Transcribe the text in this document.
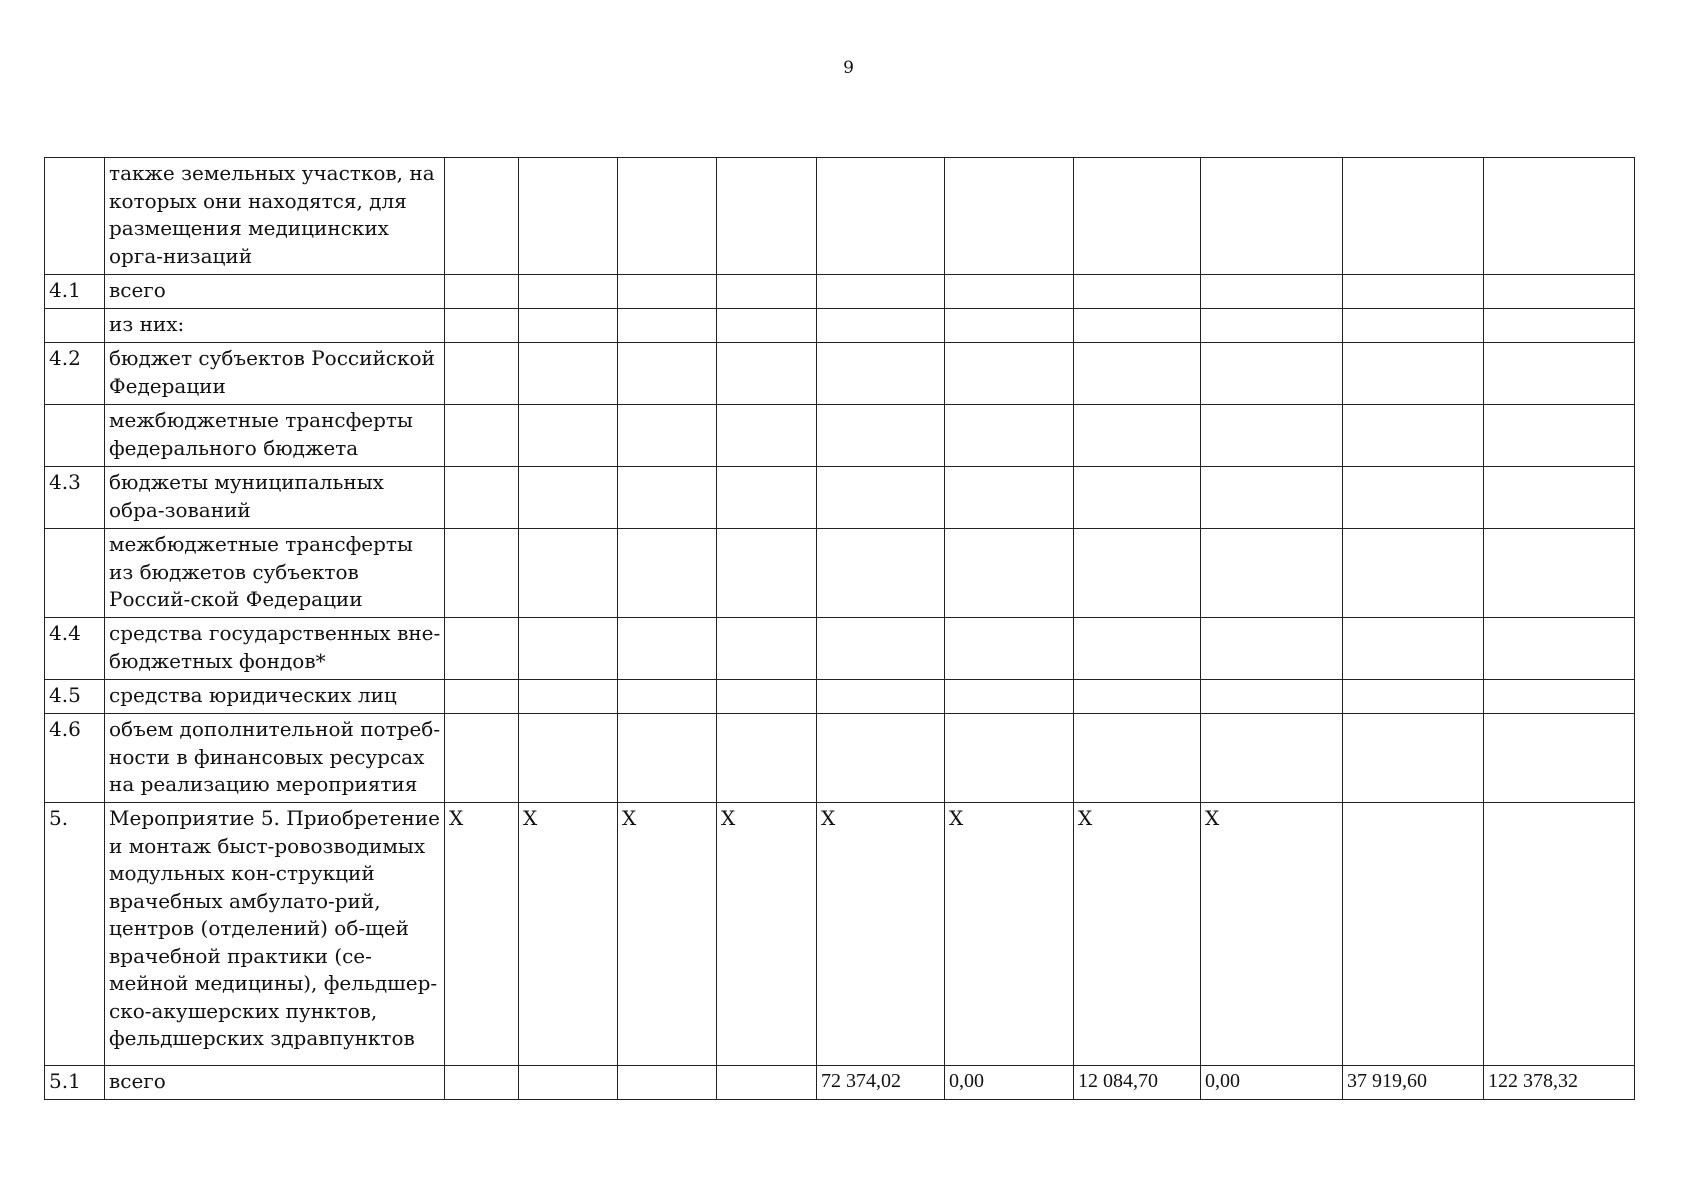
9
	также земельных участков, на которых они находятся, для размещения медицинских орга-низаций										
4.1	всего										
	из них:										
4.2	бюджет субъектов Российской Федерации										
	межбюджетные трансферты федерального бюджета										
4.3	бюджеты муниципальных обра-зований										
	межбюджетные трансферты из бюджетов субъектов Россий-ской Федерации										
4.4	средства государственных вне-бюджетных фондов*										
4.5	средства юридических лиц										
4.6	объем дополнительной потреб-ности в финансовых ресурсах на реализацию мероприятия										
5.	Мероприятие 5. Приобретение и монтаж быст-ровозводимых модульных кон-струкций врачебных амбулато-рий, центров (отделений) об-щей врачебной практики (се-мейной медицины), фельдшер-ско-акушерских пунктов, фельдшерских здравпунктов	X	X	X	X	X	X	X	X		
5.1	всего					72 374,02	0,00	12 084,70	0,00	37 919,60	122 378,32
